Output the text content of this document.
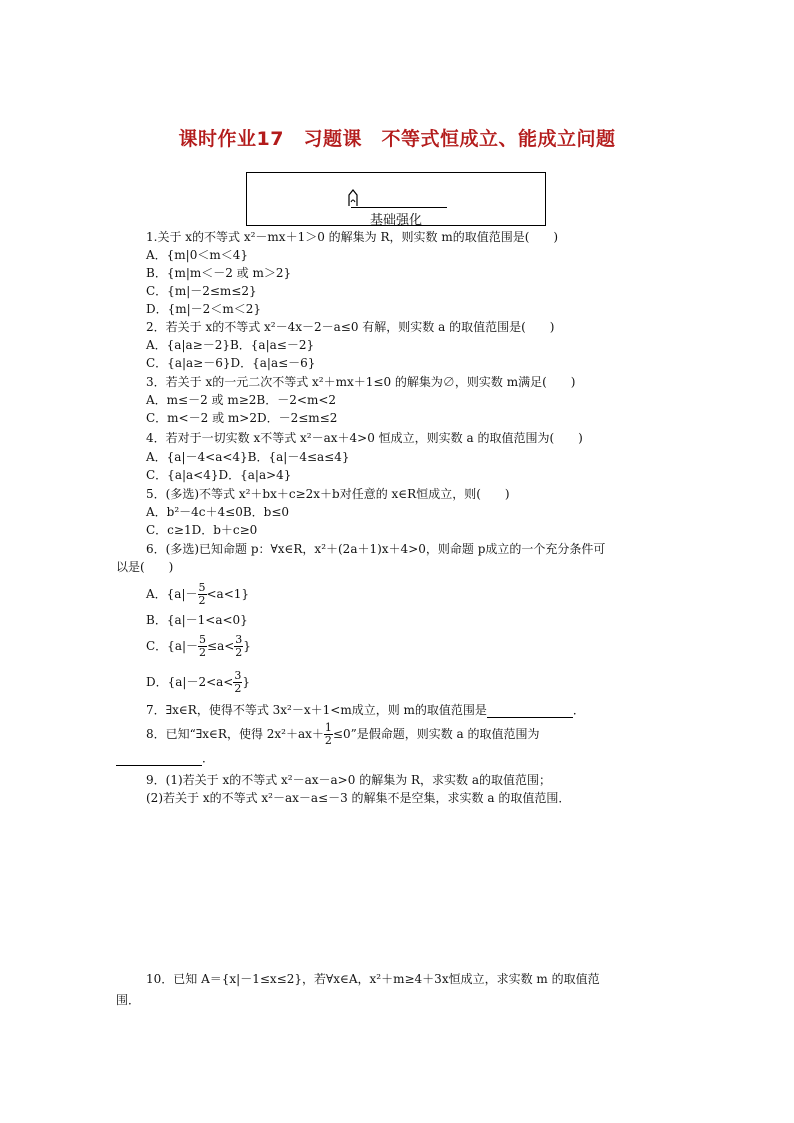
课时作业17　习题课　不等式恒成立、能成立问题
基础强化
1.关于 x的不等式 x²－mx＋1＞0 的解集为 R，则实数 m的取值范围是(　　)
A．{m|0＜m＜4}
B．{m|m＜－2 或 m＞2}
C．{m|－2≤m≤2}
D．{m|－2＜m＜2}
2．若关于 x的不等式 x²－4x－2－a≤0 有解，则实数 a 的取值范围是(　　)
A．{a|a≥－2}B．{a|a≤－2}
C．{a|a≥－6}D．{a|a≤－6}
3．若关于 x的一元二次不等式 x²＋mx＋1≤0 的解集为∅，则实数 m满足(　　)
A．m≤－2 或 m≥2B．－2<m<2
C．m<－2 或 m>2D．－2≤m≤2
4．若对于一切实数 x不等式 x²－ax＋4>0 恒成立，则实数 a 的取值范围为(　　)
A．{a|－4<a<4}B．{a|－4≤a≤4}
C．{a|a<4}D．{a|a>4}
5．(多选)不等式 x²＋bx＋c≥2x＋b对任意的 x∈R恒成立，则(　　)
A．b²－4c＋4≤0B．b≤0
C．c≥1D．b＋c≥0
6．(多选)已知命题 p：∀x∈R，x²＋(2a＋1)x＋4>0，则命题 p成立的一个充分条件可
以是(　　)
A．$\{a|- \frac{5}{2} <a<1\}$
B．{a|－1<a<0}
C．{$a|- \frac{5}{2} \le a< \frac{3}{2}$ }
D．{$a|-2<a< \frac{3}{2}$ }
7．∃x∈R，使得不等式 3x²－x＋1<m成立，则 m的取值范围是	．
8．已知“∃x∈R，使得 $2x^2+ax+ \frac{1}{2} \le 0$”是假命题，则实数 a 的取值范围为
．
9．(1)若关于 x的不等式 x²－ax－a>0 的解集为 R，求实数 a的取值范围；
(2)若关于 x的不等式 x²－ax－a≤－3 的解集不是空集，求实数 a 的取值范围．
10．已知 A＝{x|－1≤x≤2}，若∀x∈A，x²＋m≥4＋3x恒成立，求实数 m 的取值范
围．
